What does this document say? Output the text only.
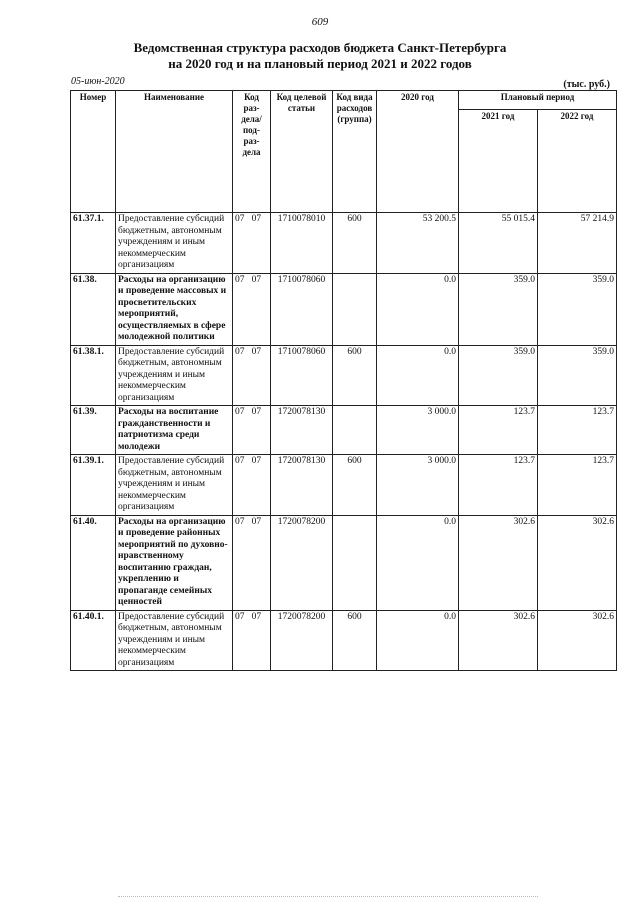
609
Ведомственная структура расходов бюджета Санкт-Петербурга
на 2020 год и на плановый период 2021 и 2022 годов
05-июн-2020	(тыс. руб.)
Номер	Наименование	Код раз- дела/ под- раз- дела	Код целевой статьи	Код вида расходов (группа)	2020 год	Плановый период	
						2021 год	2022 год
61.37.1.	Предоставление субсидий бюджетным, автономным учреждениям и иным некоммерческим организациям	07   07	1710078010	600	53 200.5	55 015.4	57 214.9
61.38.	Расходы на организацию и проведение массовых и просветительских мероприятий, осуществляемых в сфере молодежной политики	07   07	1710078060		0.0	359.0	359.0
61.38.1.	Предоставление субсидий бюджетным, автономным учреждениям и иным некоммерческим организациям	07   07	1710078060	600	0.0	359.0	359.0
61.39.	Расходы на воспитание гражданственности и патриотизма среди молодежи	07   07	1720078130		3 000.0	123.7	123.7
61.39.1.	Предоставление субсидий бюджетным, автономным учреждениям и иным некоммерческим организациям	07   07	1720078130	600	3 000.0	123.7	123.7
61.40.	Расходы на организацию и проведение районных мероприятий по духовно-нравственному воспитанию граждан, укреплению и пропаганде семейных ценностей	07   07	1720078200		0.0	302.6	302.6
61.40.1.	Предоставление субсидий бюджетным, автономным учреждениям и иным некоммерческим организациям	07   07	1720078200	600	0.0	302.6	302.6
